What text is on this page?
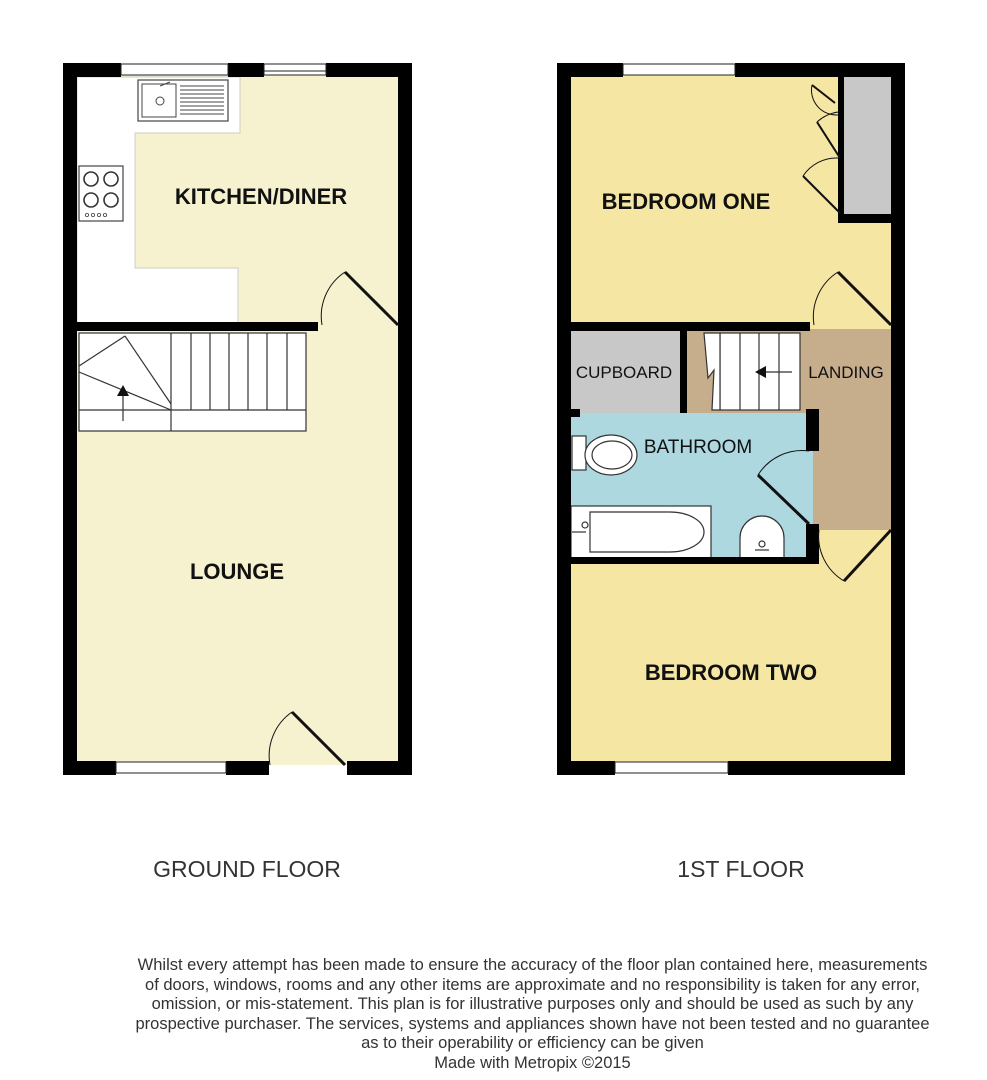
KITCHEN/DINER
LOUNGE
BEDROOM ONE
CUPBOARD	LANDING
BATHROOM
BEDROOM TWO
GROUND FLOOR	1ST FLOOR
Whilst every attempt has been made to ensure the accuracy of the floor plan contained here, measurements
of doors, windows, rooms and any other items are approximate and no responsibility is taken for any error,
omission, or mis-statement. This plan is for illustrative purposes only and should be used as such by any
prospective purchaser. The services, systems and appliances shown have not been tested and no guarantee
as to their operability or efficiency can be given
Made with Metropix ©2015
